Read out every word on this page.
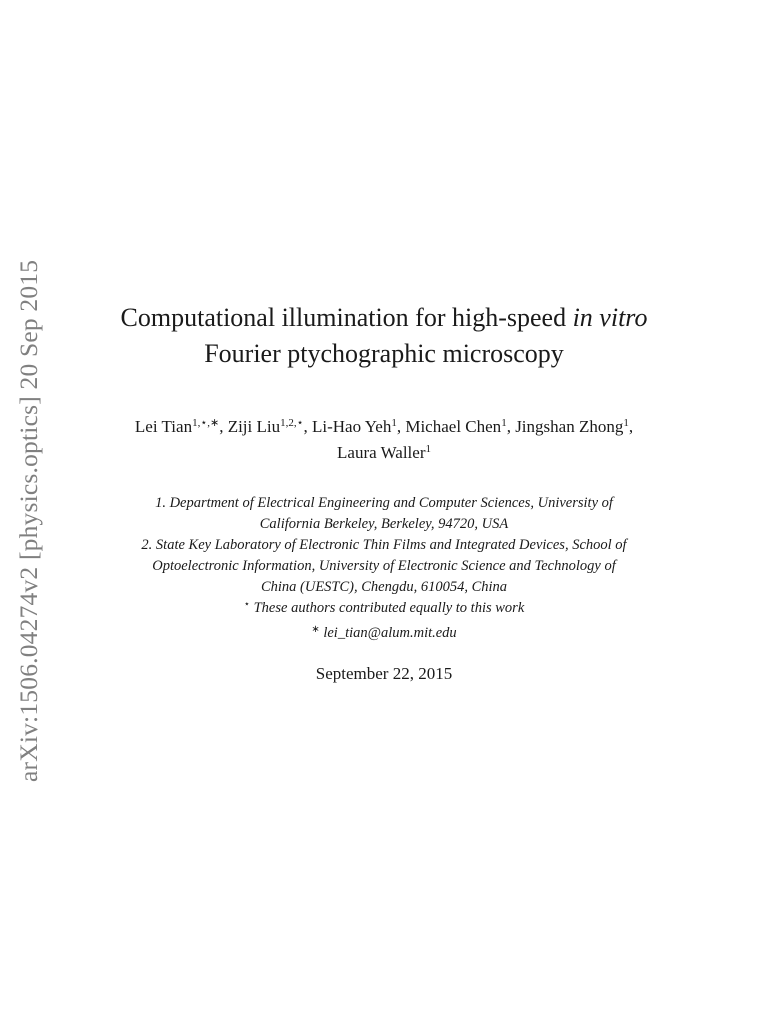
arXiv:1506.04274v2 [physics.optics] 20 Sep 2015	Computational illumination for high-speed in vitro
Fourier ptychographic microscopy
Lei Tian$^{1,⋆,∗}$, Ziji Liu$^{1,2,⋆}$, Li-Hao Yeh$^1$, Michael Chen$^1$, Jingshan Zhong$^1$,
Laura Waller$^1$
1. Department of Electrical Engineering and Computer Sciences, University of
California Berkeley, Berkeley, 94720, USA
2. State Key Laboratory of Electronic Thin Films and Integrated Devices, School of
Optoelectronic Information, University of Electronic Science and Technology of
China (UESTC), Chengdu, 610054, China
⋆ These authors contributed equally to this work
∗ lei_tian@alum.mit.edu
September 22, 2015
